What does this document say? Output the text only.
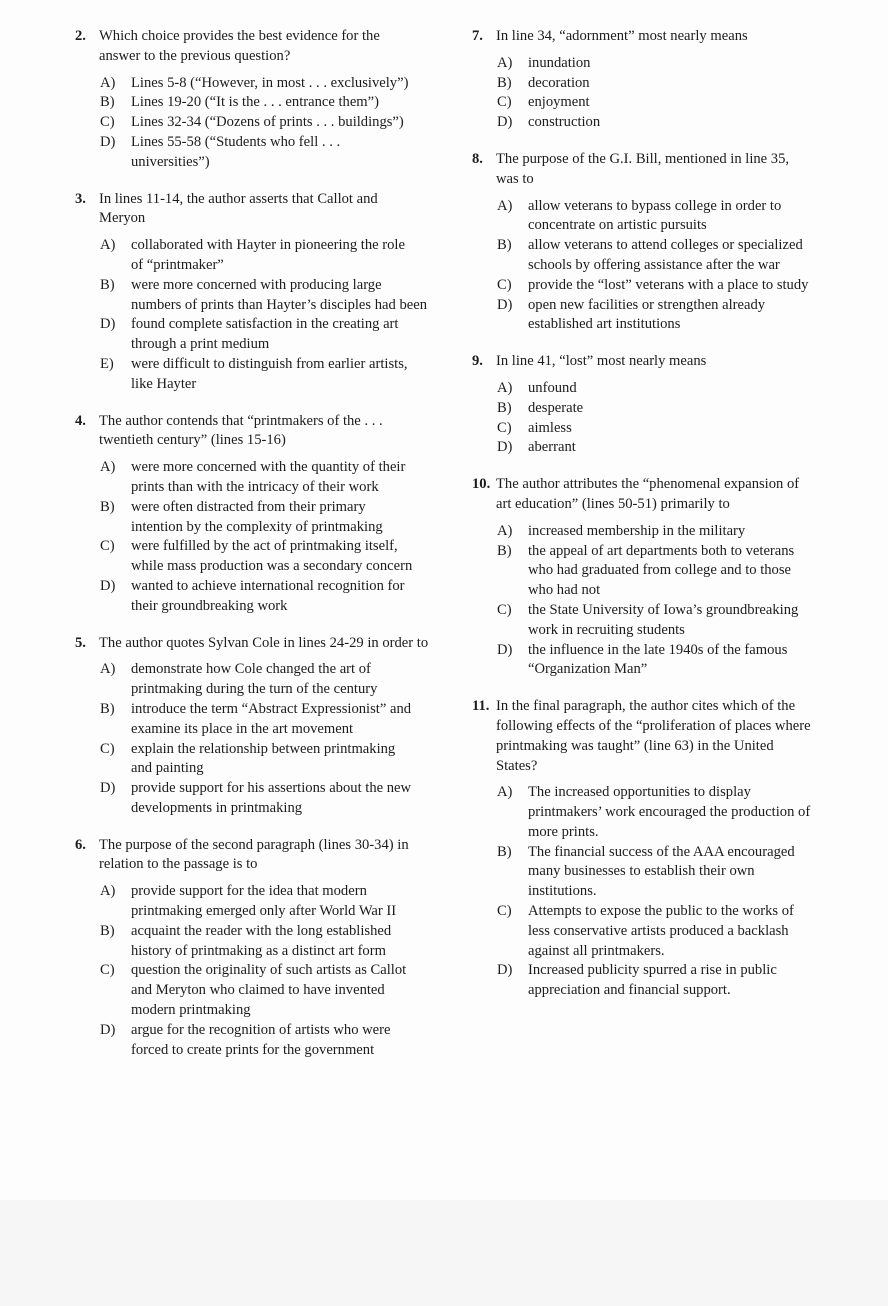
2. Which choice provides the best evidence for the
answer to the previous question?
A) Lines 5-8 (“However, in most . . . exclusively”)
B) Lines 19-20 (“It is the . . . entrance them”)
C) Lines 32-34 (“Dozens of prints . . . buildings”)
D) Lines 55-58 (“Students who fell . . .
universities”)
3. In lines 11-14, the author asserts that Callot and
Meryon
A) collaborated with Hayter in pioneering the role
of “printmaker”
B) were more concerned with producing large
numbers of prints than Hayter’s disciples had been
D) found complete satisfaction in the creating art
through a print medium
E) were difficult to distinguish from earlier artists,
like Hayter
4. The author contends that “printmakers of the . . .
twentieth century” (lines 15-16)
A) were more concerned with the quantity of their
prints than with the intricacy of their work
B) were often distracted from their primary
intention by the complexity of printmaking
C) were fulfilled by the act of printmaking itself,
while mass production was a secondary concern
D) wanted to achieve international recognition for
their groundbreaking work
5. The author quotes Sylvan Cole in lines 24-29 in order to
A) demonstrate how Cole changed the art of
printmaking during the turn of the century
B) introduce the term “Abstract Expressionist” and
examine its place in the art movement
C) explain the relationship between printmaking
and painting
D) provide support for his assertions about the new
developments in printmaking
6. The purpose of the second paragraph (lines 30-34) in
relation to the passage is to
A) provide support for the idea that modern
printmaking emerged only after World War II
B) acquaint the reader with the long established
history of printmaking as a distinct art form
C) question the originality of such artists as Callot
and Meryton who claimed to have invented
modern printmaking
D) argue for the recognition of artists who were
forced to create prints for the government
7. In line 34, “adornment” most nearly means
A) inundation
B) decoration
C) enjoyment
D) construction
8. The purpose of the G.I. Bill, mentioned in line 35,
was to
A) allow veterans to bypass college in order to
concentrate on artistic pursuits
B) allow veterans to attend colleges or specialized
schools by offering assistance after the war
C) provide the “lost” veterans with a place to study
D) open new facilities or strengthen already
established art institutions
9. In line 41, “lost” most nearly means
A) unfound
B) desperate
C) aimless
D) aberrant
10. The author attributes the “phenomenal expansion of
art education” (lines 50-51) primarily to
A) increased membership in the military
B) the appeal of art departments both to veterans
who had graduated from college and to those
who had not
C) the State University of Iowa’s groundbreaking
work in recruiting students
D) the influence in the late 1940s of the famous
“Organization Man”
11. In the final paragraph, the author cites which of the
following effects of the “proliferation of places where
printmaking was taught” (line 63) in the United
States?
A) The increased opportunities to display
printmakers’ work encouraged the production of
more prints.
B) The financial success of the AAA encouraged
many businesses to establish their own
institutions.
C) Attempts to expose the public to the works of
less conservative artists produced a backlash
against all printmakers.
D) Increased publicity spurred a rise in public
appreciation and financial support.
